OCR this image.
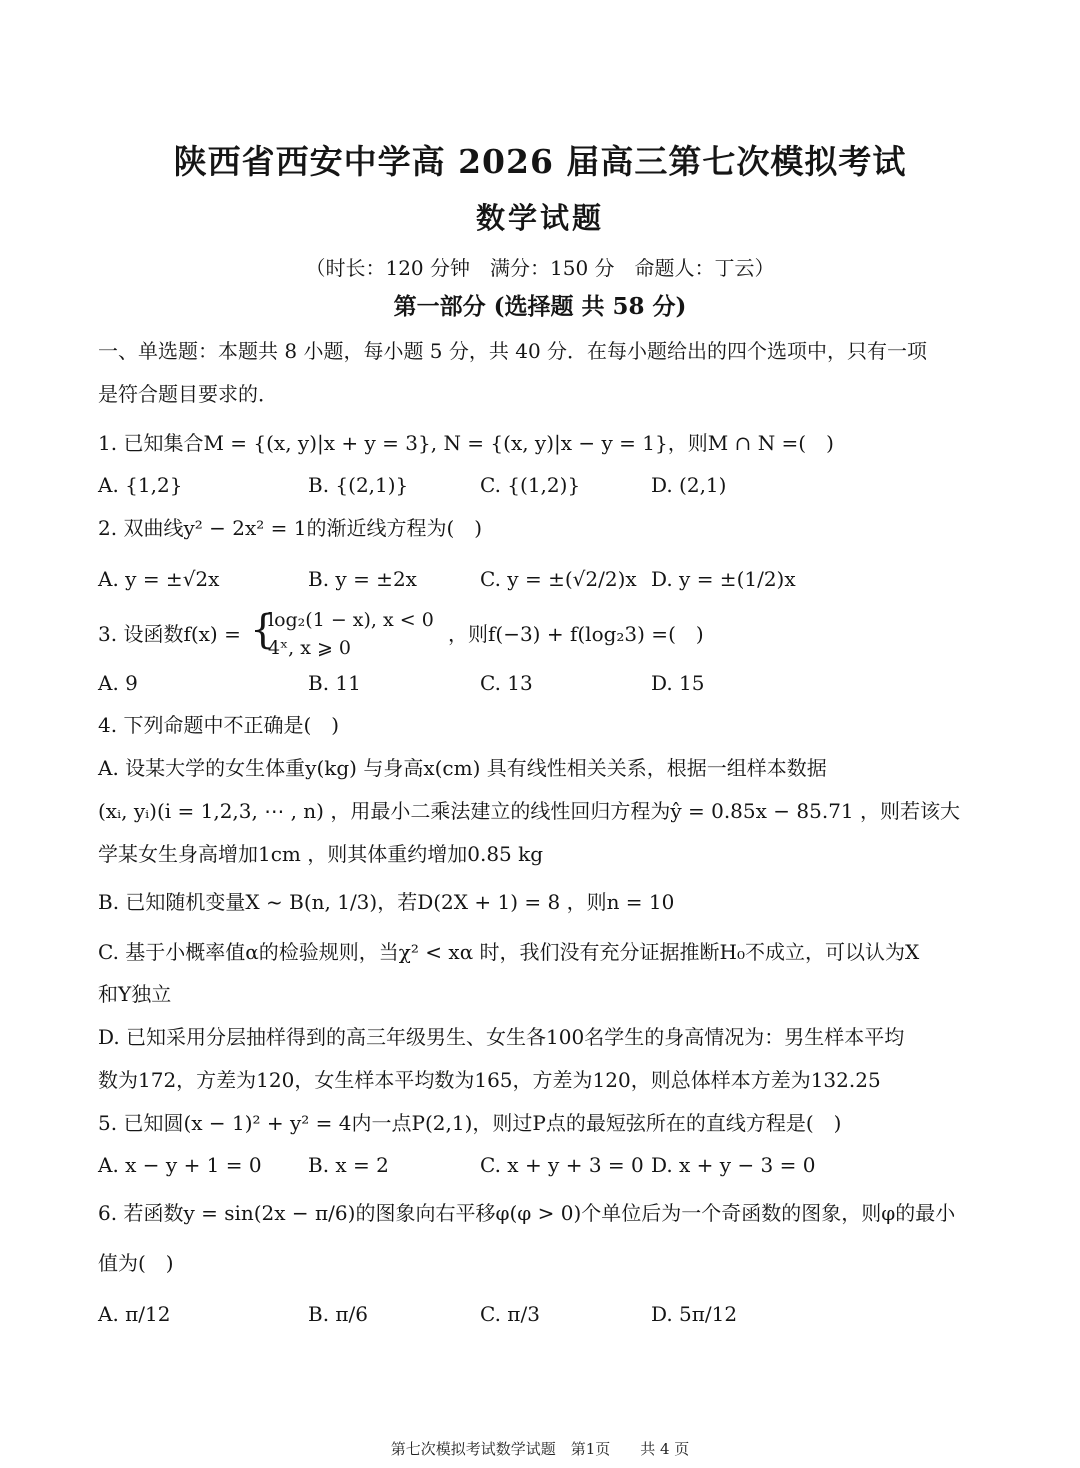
陕西省西安中学高 2026 届高三第七次模拟考试
数学试题
（时长：120 分钟　满分：150 分　命题人：丁云）
第一部分 (选择题 共 58 分)
一、单选题：本题共 8 小题，每小题 5 分，共 40 分．在每小题给出的四个选项中，只有一项
是符合题目要求的．
1. 已知集合M = {(x, y)|x + y = 3}, N = {(x, y)|x − y = 1}，则M ∩ N =(　)
A. {1,2}	B. {(2,1)}	C. {(1,2)}	D. (2,1)
2. 双曲线y² − 2x² = 1的渐近线方程为(　)
A. y = ±√2x	B. y = ±2x	C. y = ±(√2/2)x D. y = ±(1/2)x
3. 设函数f(x) = {
log₂(1 − x), x < 0
4ˣ, x ⩾ 0
，则f(−3) + f(log₂3) =(　)
A. 9	B. 11	C. 13	D. 15
4. 下列命题中不正确是(　)
A. 设某大学的女生体重y(kg) 与身高x(cm) 具有线性相关关系，根据一组样本数据
(xᵢ, yᵢ)(i = 1,2,3, ⋯ , n) ，用最小二乘法建立的线性回归方程为ŷ = 0.85x − 85.71 ，则若该大
学某女生身高增加1cm ，则其体重约增加0.85 kg
B. 已知随机变量X ~ B(n, 1/3)，若D(2X + 1) = 8 ，则n = 10
C. 基于小概率值α的检验规则，当χ² < xα 时，我们没有充分证据推断H₀不成立，可以认为X
和Y独立
D. 已知采用分层抽样得到的高三年级男生、女生各100名学生的身高情况为：男生样本平均
数为172，方差为120，女生样本平均数为165，方差为120，则总体样本方差为132.25
5. 已知圆(x − 1)² + y² = 4内一点P(2,1)，则过P点的最短弦所在的直线方程是(　)
A. x − y + 1 = 0 B. x = 2	C. x + y + 3 = 0 D. x + y − 3 = 0
6. 若函数y = sin(2x − π/6)的图象向右平移φ(φ > 0)个单位后为一个奇函数的图象，则φ的最小
值为(　)
A. π/12	B. π/6	C. π/3	D. 5π/12
第七次模拟考试数学试题　第1页　　共 4 页
